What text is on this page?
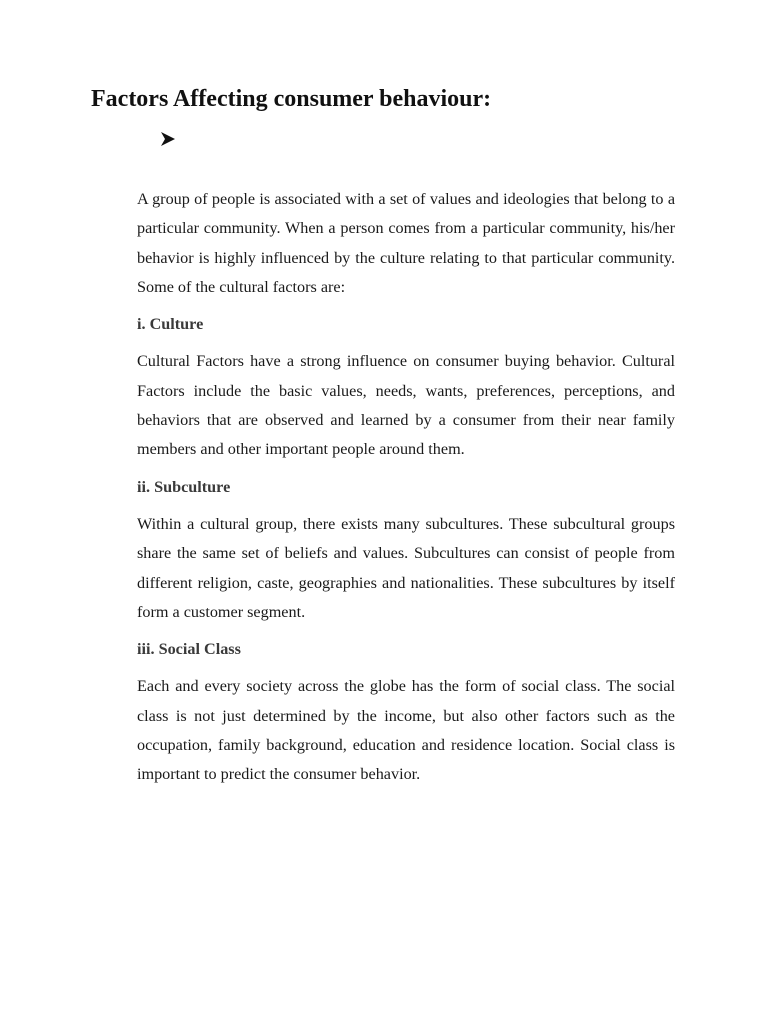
Factors Affecting consumer behaviour:

A group of people is associated with a set of values and ideologies that belong to a particular community. When a person comes from a particular community, his/her behavior is highly influenced by the culture relating to that particular community. Some of the cultural factors are:

i. Culture

Cultural Factors have a strong influence on consumer buying behavior. Cultural Factors include the basic values, needs, wants, preferences, perceptions, and behaviors that are observed and learned by a consumer from their near family members and other important people around them.

ii. Subculture

Within a cultural group, there exists many subcultures. These subcultural groups share the same set of beliefs and values. Subcultures can consist of people from different religion, caste, geographies and nationalities. These subcultures by itself form a customer segment.

iii. Social Class

Each and every society across the globe has the form of social class. The social class is not just determined by the income, but also other factors such as the occupation, family background, education and residence location. Social class is important to predict the consumer behavior.
